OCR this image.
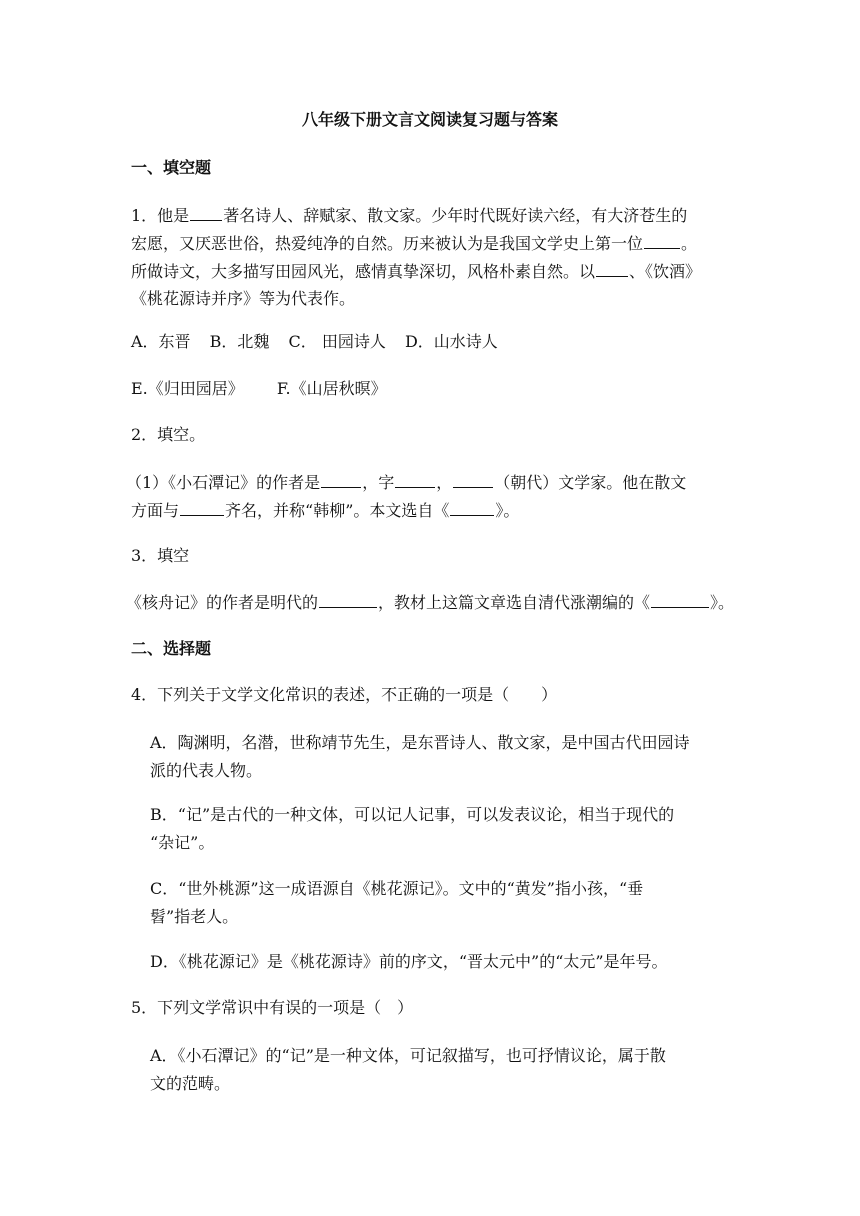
八年级下册文言文阅读复习题与答案
一、填空题
1．他是 著名诗人、辞赋家、散文家。少年时代既好读六经，有大济苍生的
宏愿，又厌恶世俗，热爱纯净的自然。历来被认为是我国文学史上第一位 。
所做诗文，大多描写田园风光，感情真挚深切，风格朴素自然。以 、《饮酒》
《桃花源诗并序》等为代表作。
A．东晋 B．北魏 C． 田园诗人 D．山水诗人
E.《归田园居》 F.《山居秋暝》
2．填空。
（1）《小石潭记》的作者是	，字	，	（朝代）文学家。他在散文
方面与	齐名，并称“韩柳”。本文选自《	》。
3．填空
《核舟记》的作者是明代的	，教材上这篇文章选自清代涨潮编的《	》。
二、选择题
4．下列关于文学文化常识的表述，不正确的一项是（　　）
A．陶渊明，名潜，世称靖节先生，是东晋诗人、散文家，是中国古代田园诗
派的代表人物。
B．“记”是古代的一种文体，可以记人记事，可以发表议论，相当于现代的
“杂记”。
C．“世外桃源”这一成语源自《桃花源记》。文中的“黄发”指小孩，“垂
髫”指老人。
D．《桃花源记》是《桃花源诗》前的序文，“晋太元中”的“太元”是年号。
5．下列文学常识中有误的一项是（　）
A．《小石潭记》的“记”是一种文体，可记叙描写，也可抒情议论，属于散
文的范畴。
